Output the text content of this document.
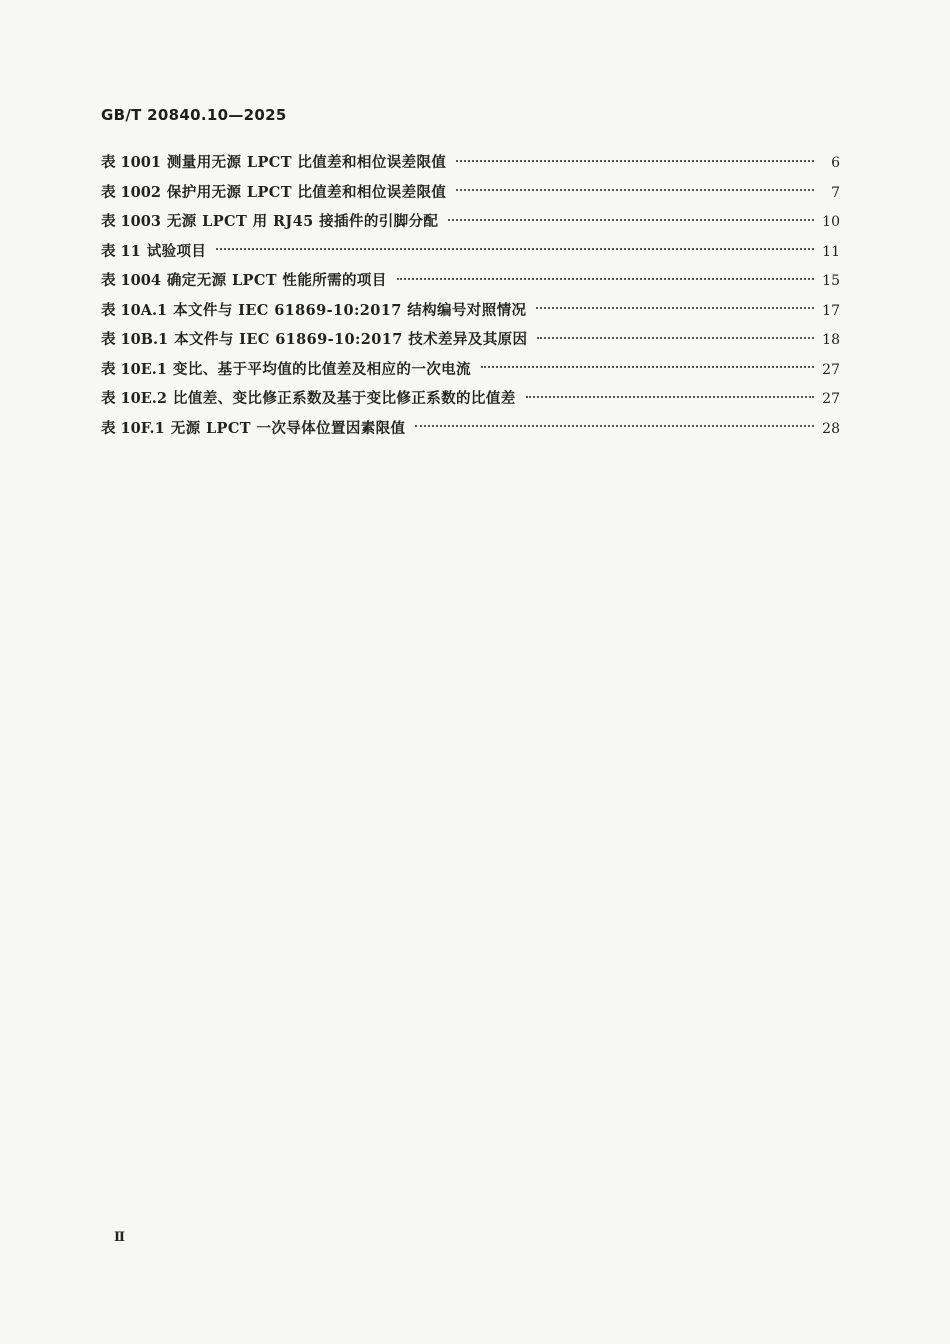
GB/T 20840.10—2025
表 1001 测量用无源 LPCT 比值差和相位误差限值	6
表 1002 保护用无源 LPCT 比值差和相位误差限值	7
表 1003 无源 LPCT 用 RJ45 接插件的引脚分配	10
表 11 试验项目	11
表 1004 确定无源 LPCT 性能所需的项目	15
表 10A.1 本文件与 IEC 61869-10:2017 结构编号对照情况	17
表 10B.1 本文件与 IEC 61869-10:2017 技术差异及其原因	18
表 10E.1 变比、基于平均值的比值差及相应的一次电流	27
表 10E.2 比值差、变比修正系数及基于变比修正系数的比值差	27
表 10F.1 无源 LPCT 一次导体位置因素限值	28
Ⅱ
